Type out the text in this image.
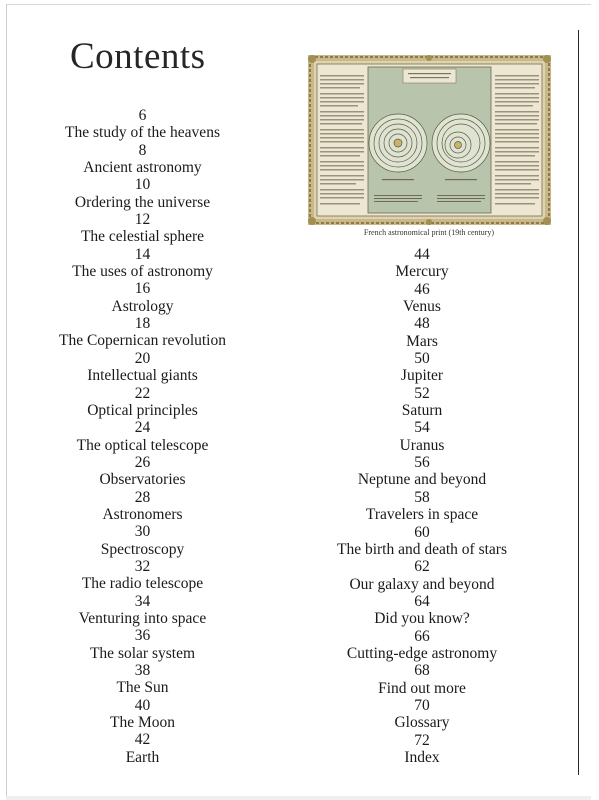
Contents
6
The study of the heavens
8
Ancient astronomy
10
Ordering the universe
12
The celestial sphere
14
The uses of astronomy
16
Astrology
18
The Copernican revolution
20
Intellectual giants
22
Optical principles
24
The optical telescope
26
Observatories
28
Astronomers
30
Spectroscopy
32
The radio telescope
34
Venturing into space
36
The solar system
38
The Sun
40
The Moon
42
Earth
44
Mercury
46
Venus
48
Mars
50
Jupiter
52
Saturn
54
Uranus
56
Neptune and beyond
58
Travelers in space
60
The birth and death of stars
62
Our galaxy and beyond
64
Did you know?
66
Cutting-edge astronomy
68
Find out more
70
Glossary
72
Index
French astronomical print (19th century)
